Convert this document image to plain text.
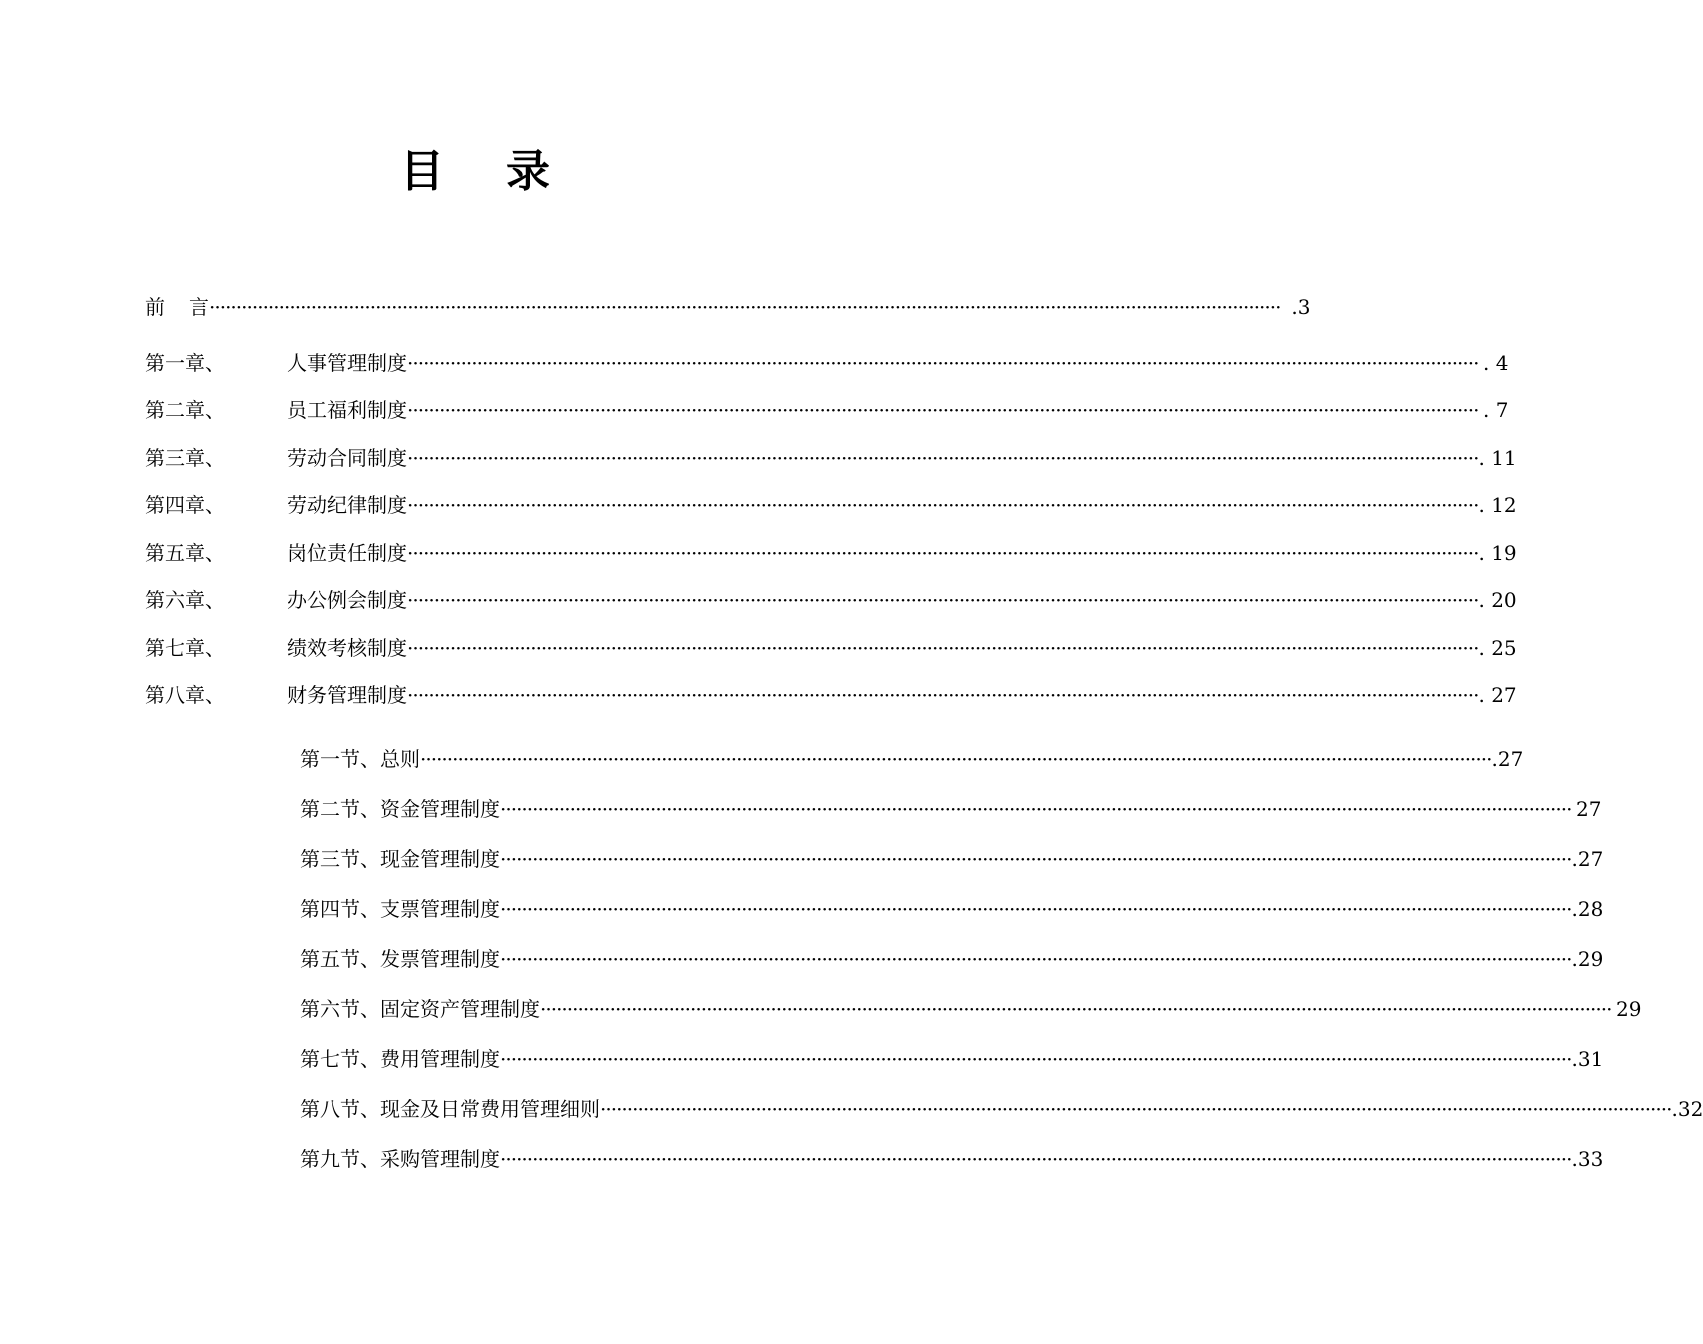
目录
前言 ········································································································································································································ .3
第一章、	人事管理制度 ········································································································································································································ . 4
第二章、	员工福利制度 ········································································································································································································ . 7
第三章、	劳动合同制度 ········································································································································································································ . 11
第四章、	劳动纪律制度 ········································································································································································································ . 12
第五章、	岗位责任制度 ········································································································································································································ . 19
第六章、	办公例会制度 ········································································································································································································ . 20
第七章、	绩效考核制度 ········································································································································································································ . 25
第八章、	财务管理制度 ········································································································································································································ . 27
第一节、总则 ········································································································································································································ .27
第二节、资金管理制度 ········································································································································································································ 27
第三节、现金管理制度 ········································································································································································································ .27
第四节、支票管理制度 ········································································································································································································ .28
第五节、发票管理制度 ········································································································································································································ .29
第六节、固定资产管理制度 ········································································································································································································ 29
第七节、费用管理制度 ········································································································································································································ .31
第八节、现金及日常费用管理细则 ········································································································································································································ .32
第九节、采购管理制度 ········································································································································································································ .33
